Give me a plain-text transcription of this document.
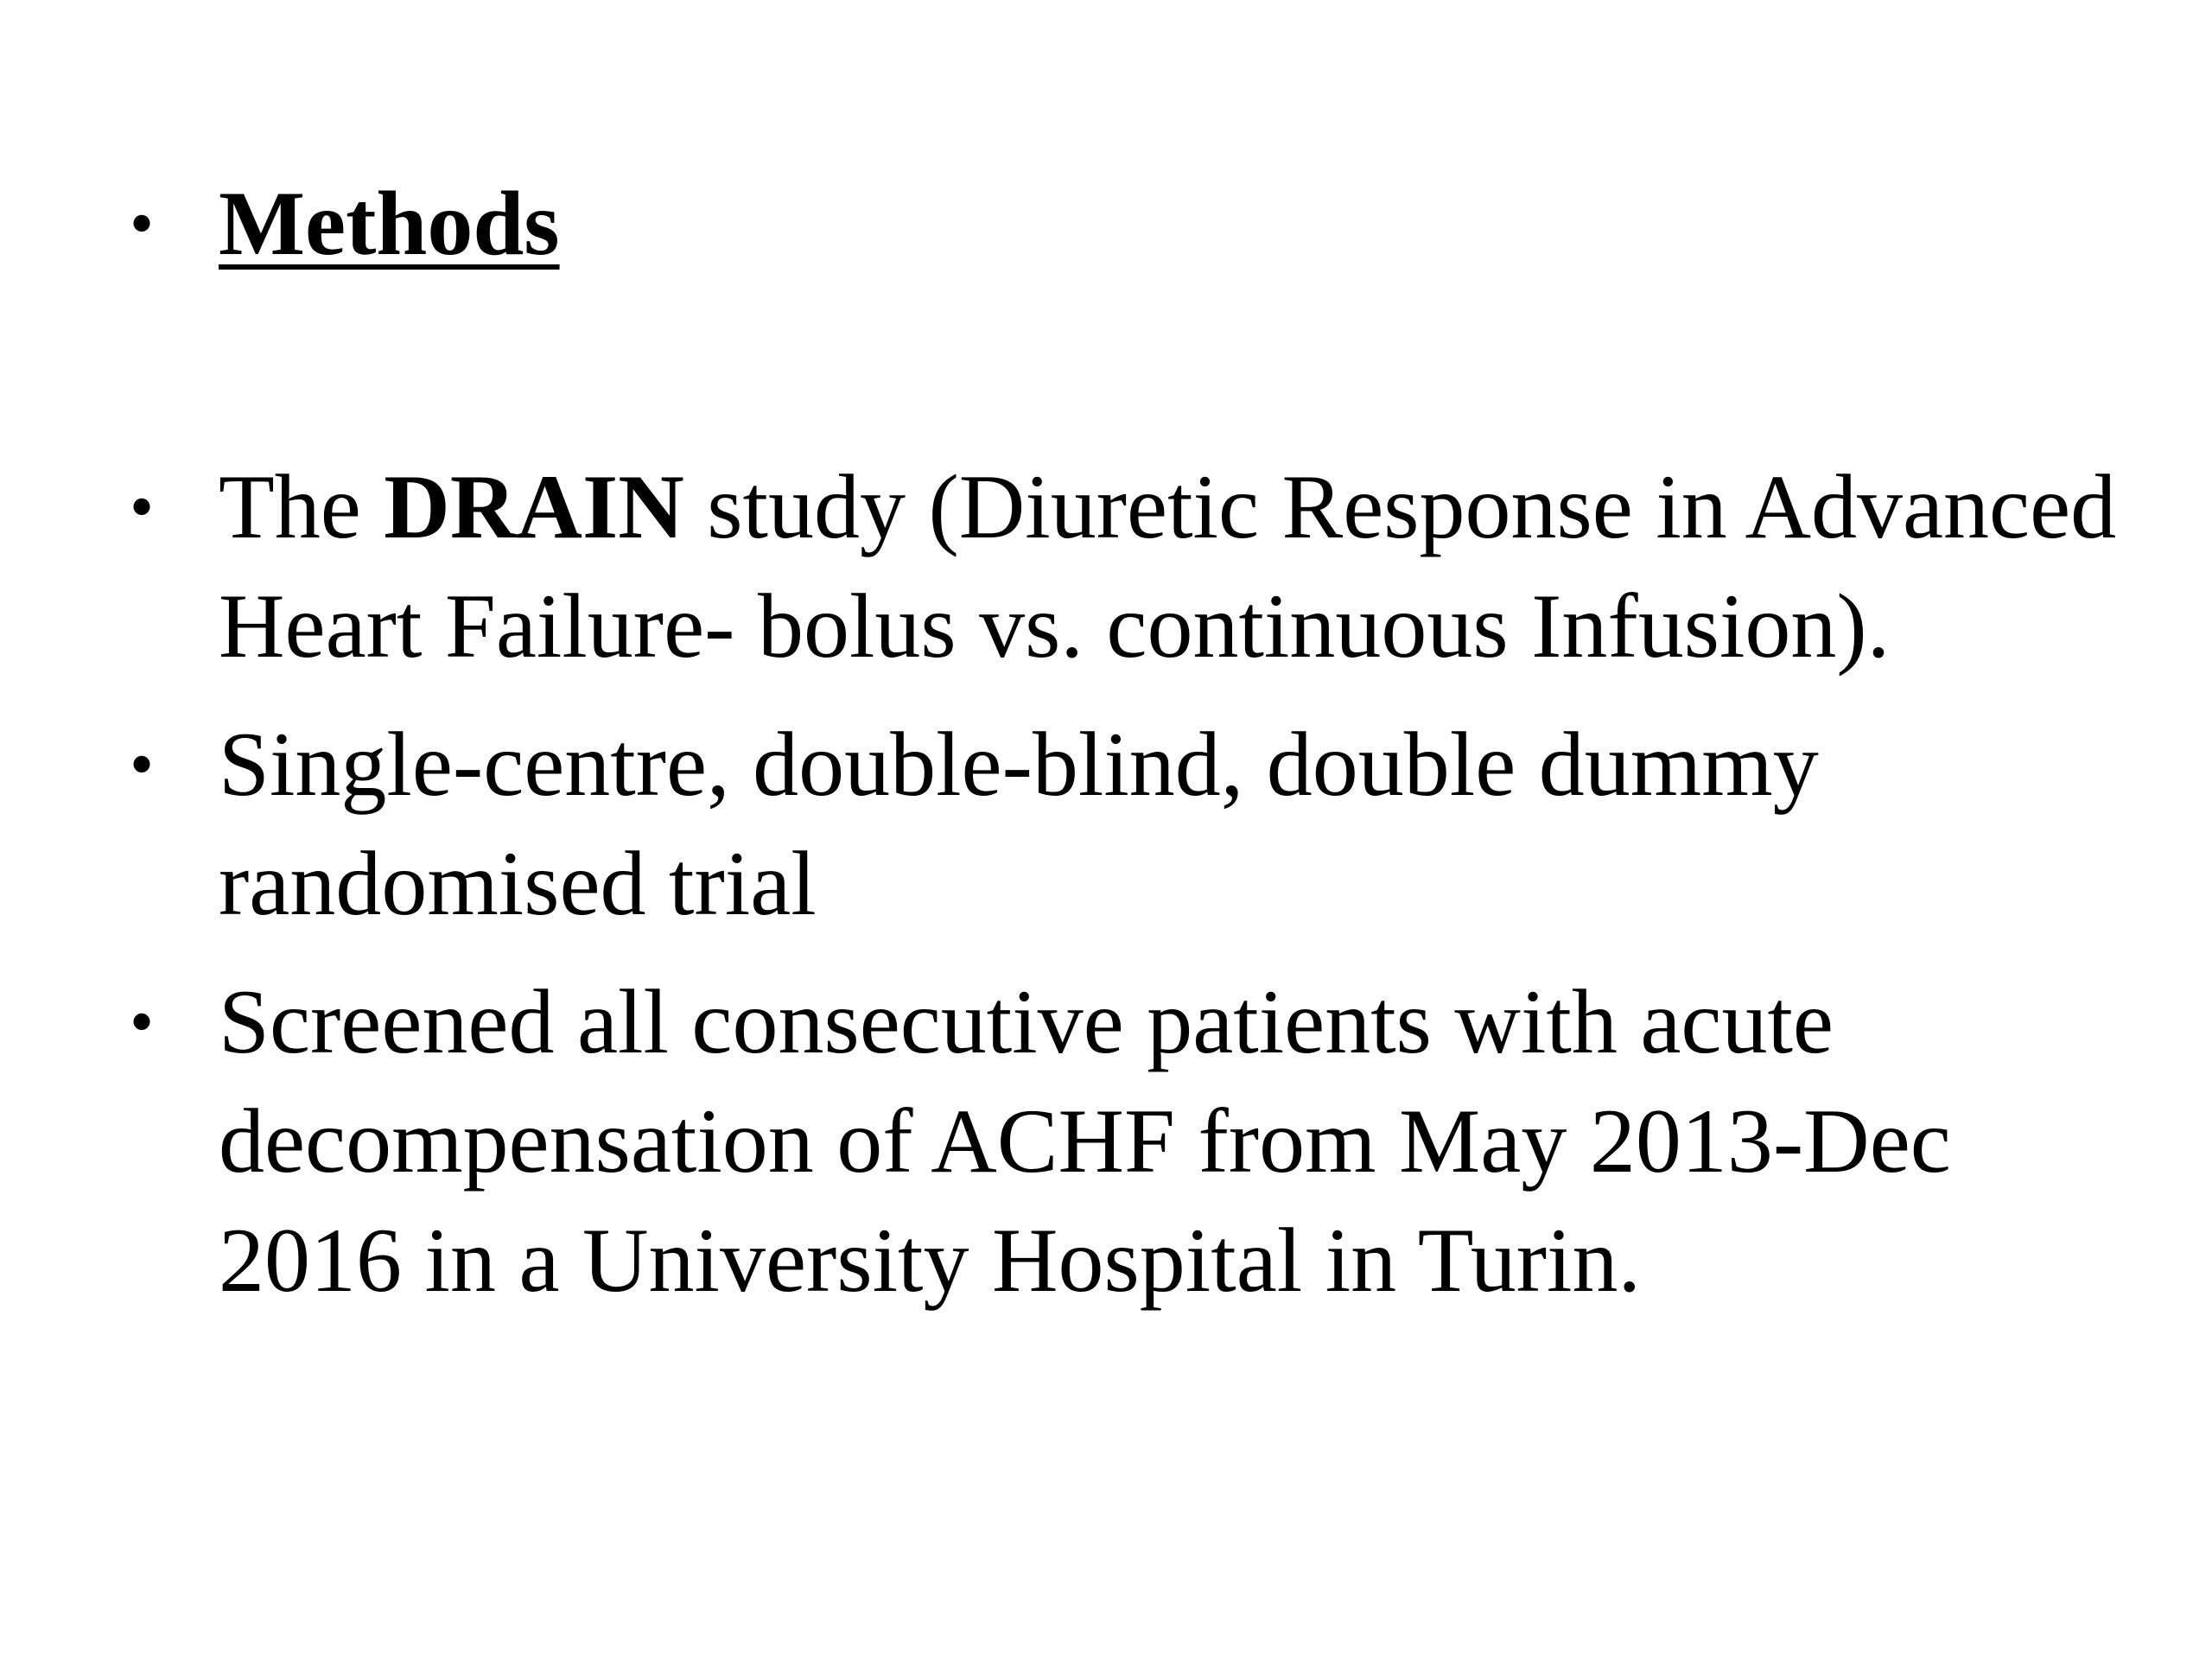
• Methods
• The DRAIN study (Diuretic Response in Advanced Heart Failure- bolus vs. continuous Infusion).
• Single-centre, double-blind, double dummy randomised trial
• Screened all consecutive patients with acute decompensation of ACHF from May 2013-Dec 2016 in a University Hospital in Turin.
